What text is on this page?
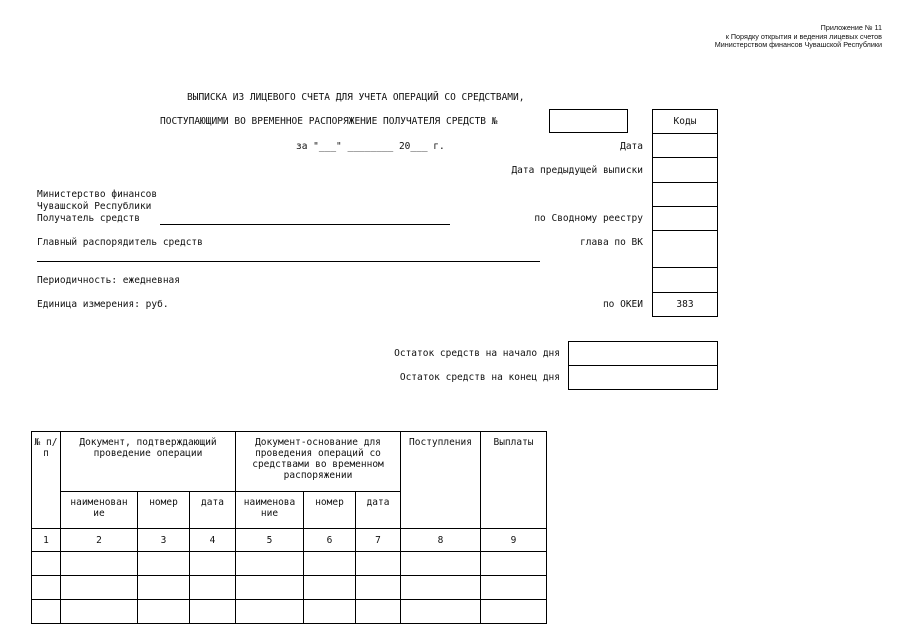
Приложение № 11
к Порядку открытия и ведения лицевых счетов
Министерством финансов Чувашской Республики
ВЫПИСКА ИЗ ЛИЦЕВОГО СЧЕТА ДЛЯ УЧЕТА ОПЕРАЦИЙ СО СРЕДСТВАМИ,
ПОСТУПАЮЩИМИ ВО ВРЕМЕННОЕ РАСПОРЯЖЕНИЕ ПОЛУЧАТЕЛЯ СРЕДСТВ №	Коды
383
за "___" ________ 20___ г.	Дата
Дата предыдущей выписки
по Сводному реестру
глава по ВК
по ОКЕИ
Министерство финансов
Чувашской Республики
Получатель средств
Главный распорядитель средств
Периодичность: ежедневная
Единица измерения: руб.
Остаток средств на начало дня
Остаток средств на конец дня
№ п/п	Документ, подтверждающий проведение операции			Документ-основание для проведения операций со средствами во временном распоряжении			Поступления	Выплаты
	наименован ие	номер	дата	наименова ние	номер	дата		
1	2	3	4	5	6	7	8	9
